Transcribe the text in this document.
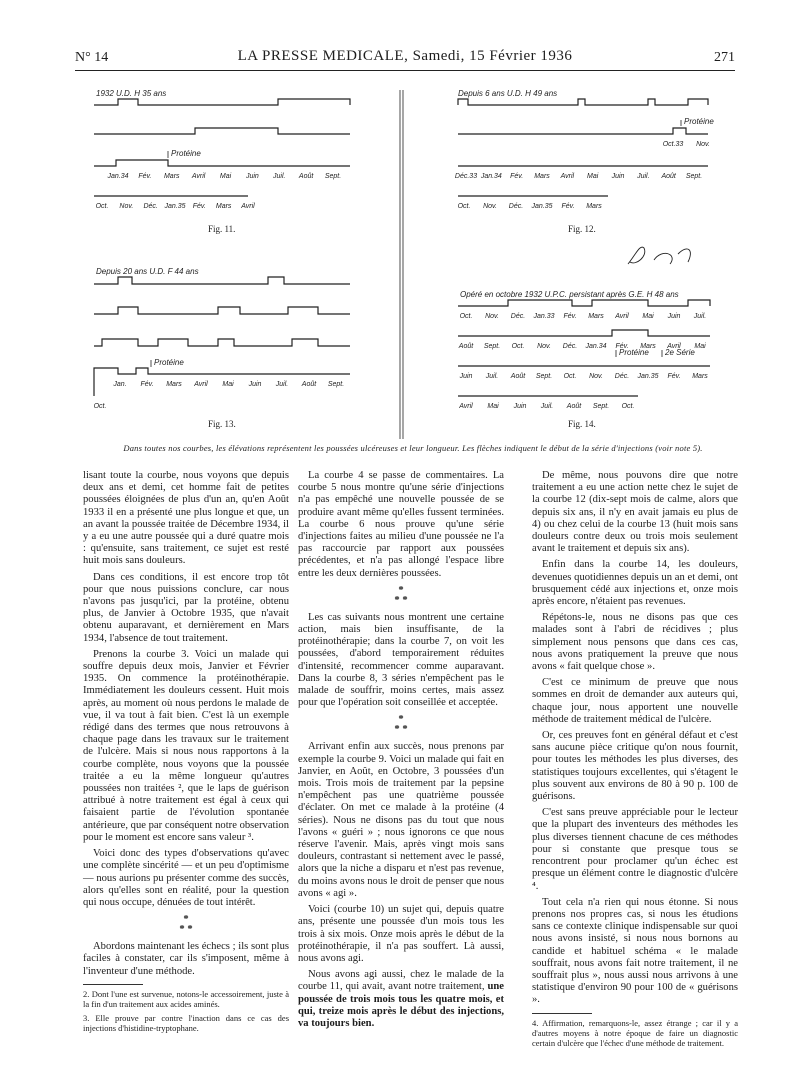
N° 14	LA PRESSE MEDICALE, Samedi, 15 Février 1936	271
1932 U.D. H 35 ans	Depuis 6 ans U.D. H 49 ans
Depuis 20 ans U.D. F 44 ans
Opéré en octobre 1932 U.P.C. persistant après G.E. H 48 ans
Protéine
Protéine
Protéine
Protéine 2e Série
Jan.34 Fév. Mars Avril Mai Juin Juil. Août Sept.
Oct. Nov. Déc. Jan.35 Fév. Mars Avril
Déc.33 Jan.34 Fév. Mars Avril Mai Juin Juil. Août Sept.
Oct. Nov. Déc. Jan.35 Fév. Mars
Oct.33 Nov.
Jan. Fév. Mars Avril Mai Juin Juil. Août Sept.
Oct.
Oct. Nov. Déc. Jan.33 Fév. Mars Avril Mai Juin Juil.
Août Sept. Oct. Nov. Déc. Jan.34 Fév. Mars Avril Mai
Juin Juil. Août Sept. Oct. Nov. Déc. Jan.35 Fév. Mars
Avril Mai Juin Juil. Août Sept. Oct.
Fig. 11.	Fig. 12.
Fig. 13.	Fig. 14.
Dans toutes nos courbes, les élévations représentent les poussées ulcéreuses et leur longueur. Les flèches indiquent le début de la série d'injections (voir note 5).

lisant toute la courbe, nous voyons que depuis deux ans et demi, cet homme fait de petites poussées éloignées de plus d'un an, qu'en Août 1933 il en a présenté une plus longue et que, un an avant la poussée traitée de Décembre 1934, il y a eu une autre poussée qui a duré quatre mois : qu'ensuite, sans traitement, ce sujet est resté huit mois sans douleurs.

Dans ces conditions, il est encore trop tôt pour que nous puissions conclure, car nous n'avons pas jusqu'ici, par la protéine, obtenu plus, de Janvier à Octobre 1935, que n'avait obtenu auparavant, et dernièrement en Mars 1934, l'absence de tout traitement.

Prenons la courbe 3. Voici un malade qui souffre depuis deux mois, Janvier et Février 1935. On commence la protéinothérapie. Immédiatement les douleurs cessent. Huit mois après, au moment où nous perdons le malade de vue, il va tout à fait bien. C'est là un exemple rédigé dans des termes que nous retrouvons à chaque page dans les travaux sur le traitement de l'ulcère. Mais si nous nous rapportons à la courbe complète, nous voyons que la poussée traitée a eu la même longueur qu'autres poussées non traitées ², que le laps de guérison attribué à notre traitement est égal à ceux qui faisaient partie de l'évolution spontanée antérieure, que par conséquent notre observation pour le moment est encore sans valeur ³.

Voici donc des types d'observations qu'avec une complète sincérité — et un peu d'optimisme — nous aurions pu présenter comme des succès, alors qu'elles sont en réalité, pour la question qui nous occupe, dénuées de tout intérêt.

*
* *

Abordons maintenant les échecs ; ils sont plus faciles à constater, car ils s'imposent, même à l'inventeur d'une méthode.

2. Dont l'une est survenue, notons-le accessoirement, juste à la fin d'un traitement aux acides aminés.

3. Elle prouve par contre l'inaction dans ce cas des injections d'histidine-tryptophane.

La courbe 4 se passe de commentaires. La courbe 5 nous montre qu'une série d'injections n'a pas empêché une nouvelle poussée de se produire avant même qu'elles fussent terminées. La courbe 6 nous prouve qu'une série d'injections faites au milieu d'une poussée ne l'a pas raccourcie par rapport aux poussées précédentes, et n'a pas allongé l'espace libre entre les deux dernières poussées.

*
* *

Les cas suivants nous montrent une certaine action, mais bien insuffisante, de la protéinothérapie; dans la courbe 7, on voit les poussées, d'abord temporairement réduites d'intensité, recommencer comme auparavant. Dans la courbe 8, 3 séries n'empêchent pas le malade de souffrir, moins certes, mais assez pour que l'opération soit conseillée et acceptée.

*
* *

Arrivant enfin aux succès, nous prenons par exemple la courbe 9. Voici un malade qui fait en Janvier, en Août, en Octobre, 3 poussées d'un mois. Trois mois de traitement par la pepsine n'empêchent pas une quatrième poussée d'éclater. On met ce malade à la protéine (4 séries). Nous ne disons pas du tout que nous l'avons « guéri » ; nous ignorons ce que nous réserve l'avenir. Mais, après vingt mois sans douleurs, contrastant si nettement avec le passé, alors que la niche a disparu et n'est pas revenue, du moins avons nous le droit de penser que nous avons « agi ».

Voici (courbe 10) un sujet qui, depuis quatre ans, présente une poussée d'un mois tous les trois à six mois. Onze mois après le début de la protéinothérapie, il n'a pas souffert. Là aussi, nous avons agi.

Nous avons agi aussi, chez le malade de la courbe 11, qui avait, avant notre traitement, une poussée de trois mois tous les quatre mois, et qui, treize mois après le début des injections, va toujours bien.

De même, nous pouvons dire que notre traitement a eu une action nette chez le sujet de la courbe 12 (dix-sept mois de calme, alors que depuis six ans, il n'y en avait jamais eu plus de 4) ou chez celui de la courbe 13 (huit mois sans douleurs contre deux ou trois mois seulement avant le traitement et depuis six ans).

Enfin dans la courbe 14, les douleurs, devenues quotidiennes depuis un an et demi, ont brusquement cédé aux injections et, onze mois après encore, n'étaient pas revenues.

Répétons-le, nous ne disons pas que ces malades sont à l'abri de récidives ; plus simplement nous pensons que dans ces cas, nous avons pratiquement la preuve que nous avons « fait quelque chose ».

C'est ce minimum de preuve que nous sommes en droit de demander aux auteurs qui, chaque jour, nous apportent une nouvelle méthode de traitement médical de l'ulcère.

Or, ces preuves font en général défaut et c'est sans aucune pièce critique qu'on nous fournit, pour toutes les méthodes les plus diverses, des statistiques toujours excellentes, qui s'étagent le plus souvent aux environs de 80 à 90 p. 100 de guérisons.

C'est sans preuve appréciable pour le lecteur que la plupart des inventeurs des méthodes les plus diverses tiennent chacune de ces méthodes pour si constante que presque tous se rencontrent pour proclamer qu'un échec est presque un élément contre le diagnostic d'ulcère ⁴.

Tout cela n'a rien qui nous étonne. Si nous prenons nos propres cas, si nous les étudions sans ce contexte clinique indispensable sur quoi nous avons insisté, si nous nous bornons au candide et habituel schéma « le malade souffrait, nous avons fait notre traitement, il ne souffrait plus », nous aussi nous arrivons à une statistique d'environ 90 pour 100 de « guérisons ».

4. Affirmation, remarquons-le, assez étrange ; car il y a d'autres moyens à notre époque de faire un diagnostic certain d'ulcère que l'échec d'une méthode de traitement.
